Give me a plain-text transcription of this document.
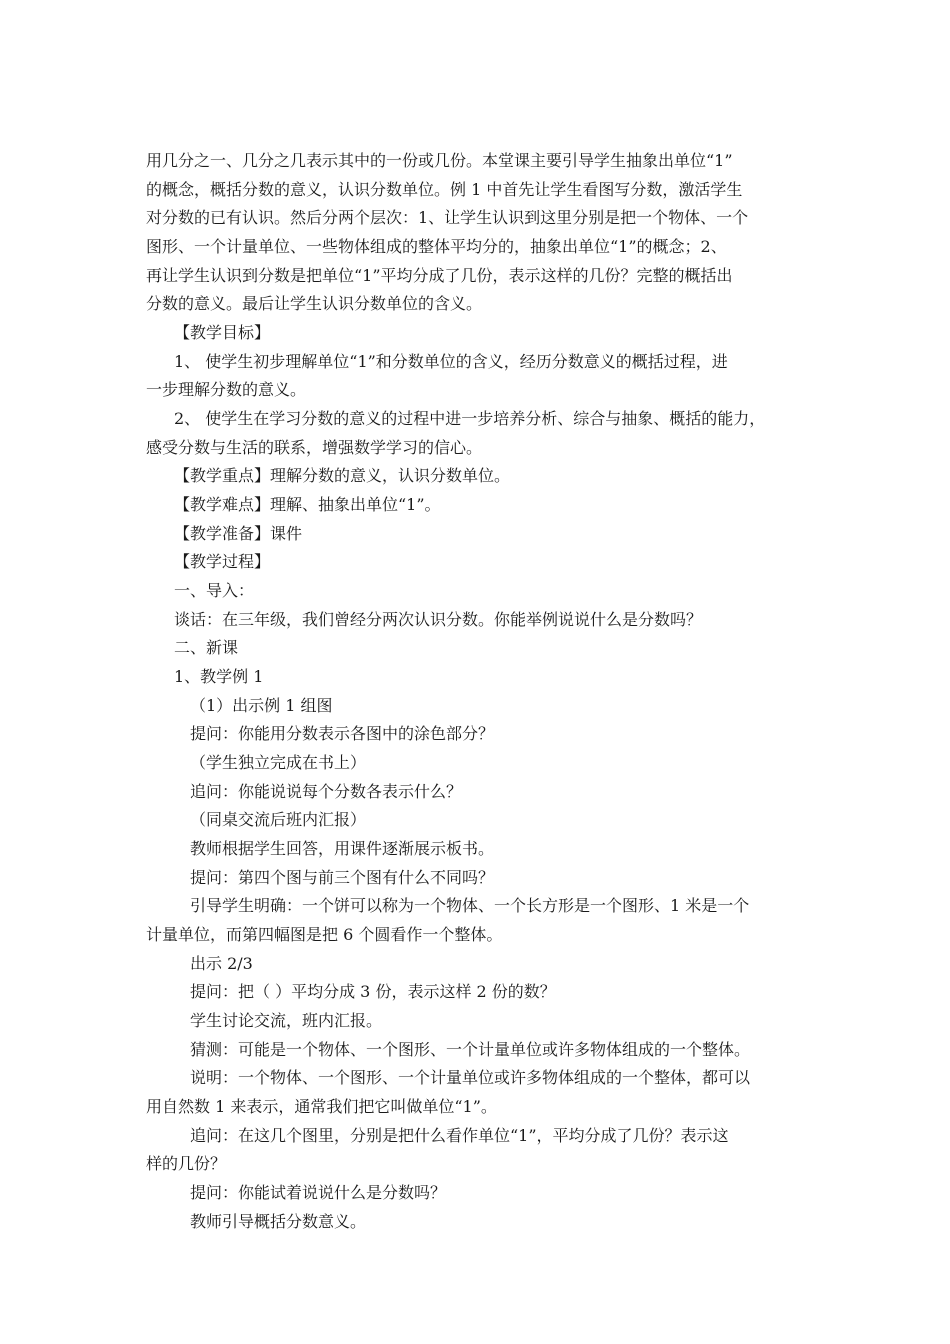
用几分之一、几分之几表示其中的一份或几份。本堂课主要引导学生抽象出单位“1”
的概念，概括分数的意义，认识分数单位。例 1 中首先让学生看图写分数，激活学生
对分数的已有认识。然后分两个层次：1、让学生认识到这里分别是把一个物体、一个
图形、一个计量单位、一些物体组成的整体平均分的，抽象出单位“1”的概念；2、
再让学生认识到分数是把单位“1”平均分成了几份，表示这样的几份？完整的概括出
分数的意义。最后让学生认识分数单位的含义。
【教学目标】
1、 使学生初步理解单位“1”和分数单位的含义，经历分数意义的概括过程，进
一步理解分数的意义。
2、 使学生在学习分数的意义的过程中进一步培养分析、综合与抽象、概括的能力，
感受分数与生活的联系，增强数学学习的信心。
【教学重点】理解分数的意义，认识分数单位。
【教学难点】理解、抽象出单位“1”。
【教学准备】课件
【教学过程】
一、导入：
谈话：在三年级，我们曾经分两次认识分数。你能举例说说什么是分数吗？
二、新课
1、教学例 1
（1）出示例 1 组图
提问：你能用分数表示各图中的涂色部分？
（学生独立完成在书上）
追问：你能说说每个分数各表示什么？
（同桌交流后班内汇报）
教师根据学生回答，用课件逐渐展示板书。
提问：第四个图与前三个图有什么不同吗？
引导学生明确：一个饼可以称为一个物体、一个长方形是一个图形、1 米是一个
计量单位，而第四幅图是把 6 个圆看作一个整体。
出示 2/3
提问：把（ ）平均分成 3 份，表示这样 2 份的数？
学生讨论交流，班内汇报。
猜测：可能是一个物体、一个图形、一个计量单位或许多物体组成的一个整体。
说明：一个物体、一个图形、一个计量单位或许多物体组成的一个整体，都可以
用自然数 1 来表示，通常我们把它叫做单位“1”。
追问：在这几个图里，分别是把什么看作单位“1”，平均分成了几份？表示这
样的几份？
提问：你能试着说说什么是分数吗？
教师引导概括分数意义。
